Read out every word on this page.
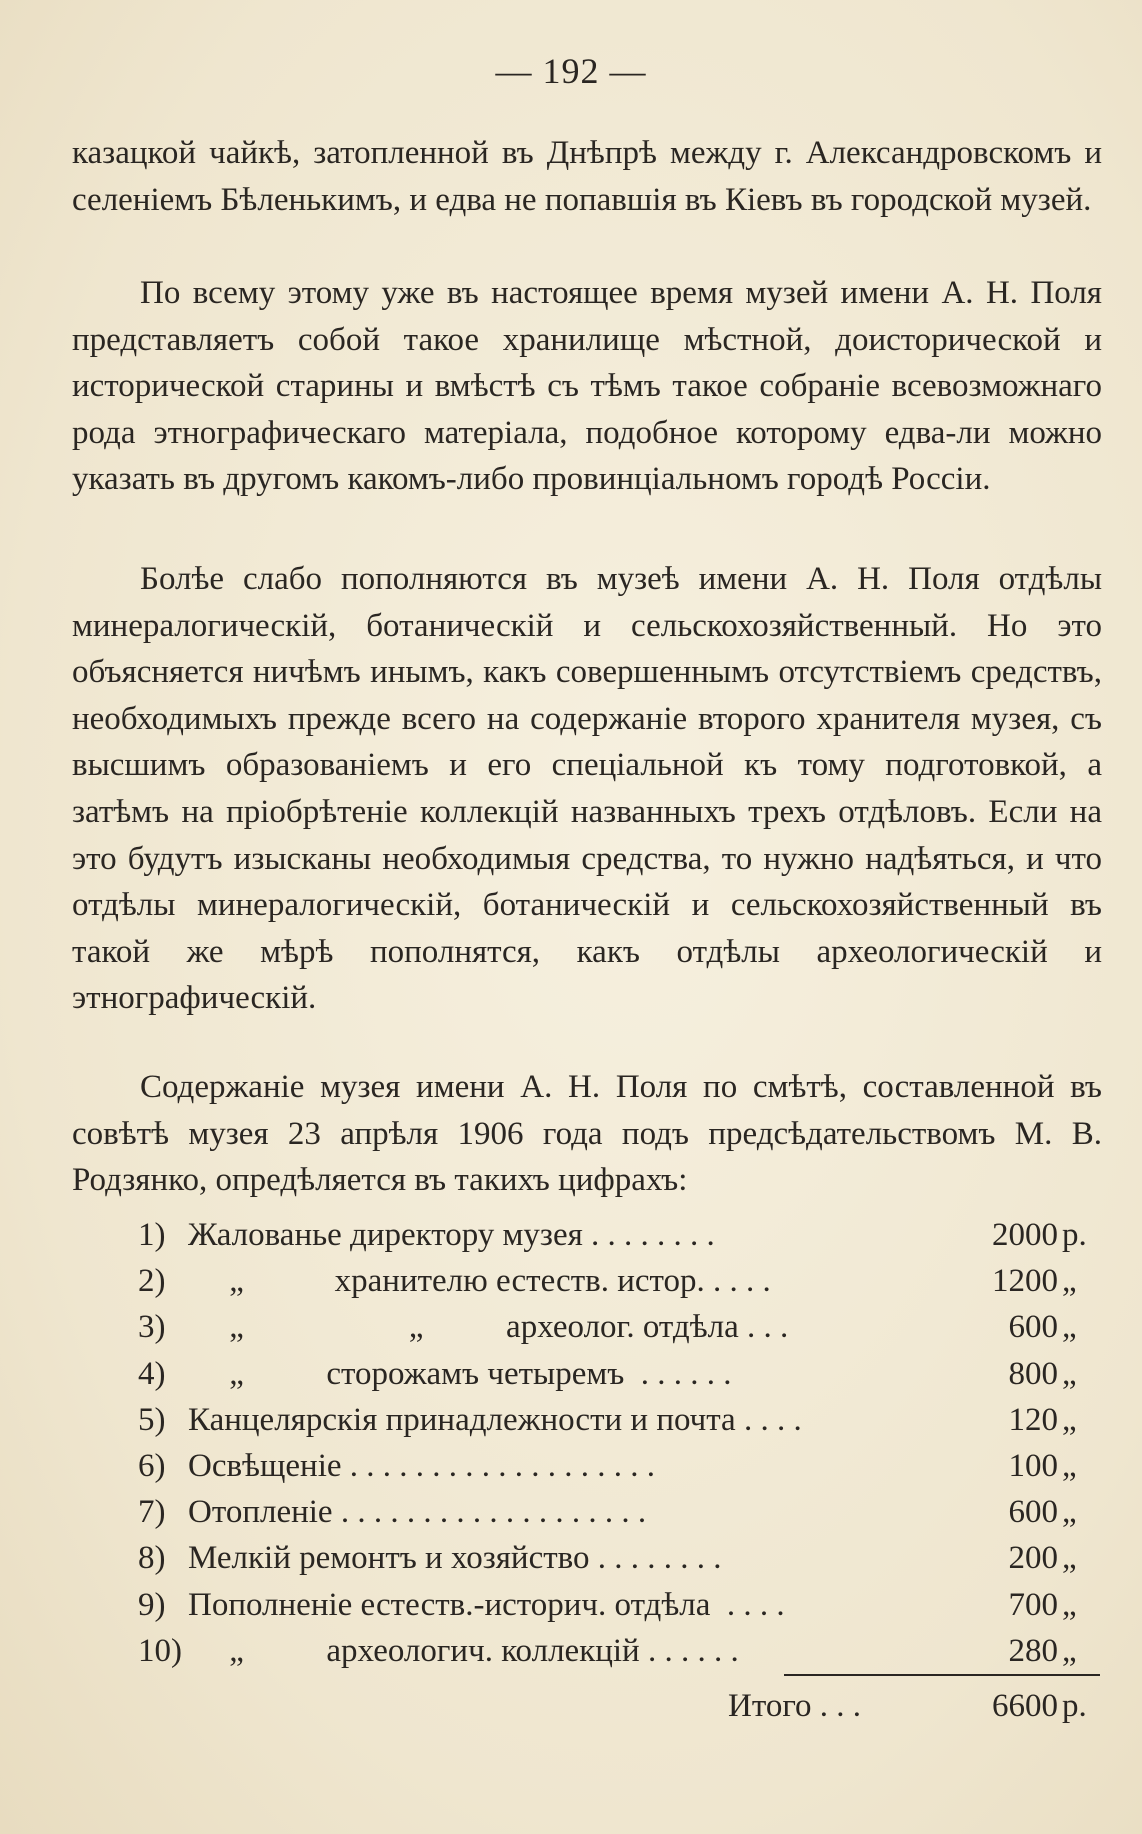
— 192 —
казацкой чайкѣ, затопленной въ Днѣпрѣ между г. Александровскомъ и селеніемъ Бѣленькимъ, и едва не попавшія въ Кіевъ въ городской музей.
По всему этому уже въ настоящее время музей имени А. Н. Поля представляетъ собой такое хранилище мѣстной, доисторической и исторической старины и вмѣстѣ съ тѣмъ такое собраніе всевозможнаго рода этнографическаго матеріала, подобное которому едва-ли можно указать въ другомъ какомъ-либо провинціальномъ городѣ Россіи.
Болѣе слабо пополняются въ музеѣ имени А. Н. Поля отдѣлы минералогическій, ботаническій и сельскохозяйственный. Но это объясняется ничѣмъ инымъ, какъ совершеннымъ отсутствіемъ средствъ, необходимыхъ прежде всего на содержаніе второго хранителя музея, съ высшимъ образованіемъ и его спеціальной къ тому подготовкой, а затѣмъ на пріобрѣтеніе коллекцій названныхъ трехъ отдѣловъ. Если на это будутъ изысканы необходимыя средства, то нужно надѣяться, и что отдѣлы минералогическій, ботаническій и сельскохозяйственный въ такой же мѣрѣ пополнятся, какъ отдѣлы археологическій и этнографическій.
Содержаніе музея имени А. Н. Поля по смѣтѣ, составленной въ совѣтѣ музея 23 апрѣля 1906 года подъ предсѣдательствомъ М. В. Родзянко, опредѣляется въ такихъ цифрахъ:
1) Жалованье директору музея . . . . . . . .	2000 р.
2) „           хранителю естеств. истор. . . . .	1200 „
3) „                    „          археолог. отдѣла . . .	600 „
4) „          сторожамъ четыремъ  . . . . . .	800 „
5) Канцелярскія принадлежности и почта . . . .	120 „
6) Освѣщеніе . . . . . . . . . . . . . . . . . . .	100 „
7) Отопленіе . . . . . . . . . . . . . . . . . . .	600 „
8) Мелкій ремонтъ и хозяйство . . . . . . . .	200 „
9) Пополненіе естеств.-историч. отдѣла  . . . .	700 „
10) „          археологич. коллекцій . . . . . .	280 „
Итого . . .	6600 р.
